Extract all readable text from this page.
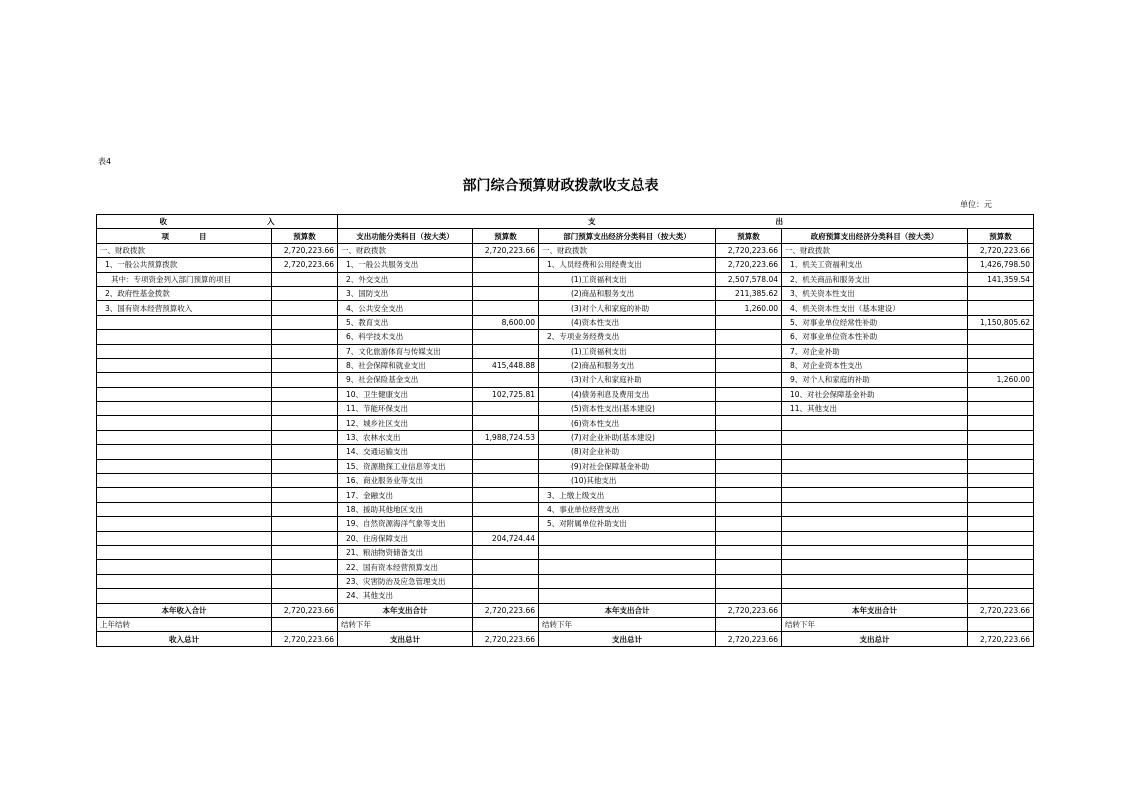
表4
部门综合预算财政拨款收支总表
单位：元
收 入		支 出					
项 目	预算数	支出功能分类科目（按大类）	预算数	部门预算支出经济分类科目（按大类）	预算数	政府预算支出经济分类科目（按大类）	预算数
一、财政拨款	2,720,223.66	一、财政拨款	2,720,223.66	一、财政拨款	2,720,223.66	一、财政拨款	2,720,223.66
1、一般公共预算拨款	2,720,223.66	1、一般公共服务支出		1、人员经费和公用经费支出	2,720,223.66	1、机关工资福利支出	1,426,798.50
其中：专项资金列入部门预算的项目		2、外交支出		(1)工资福利支出	2,507,578.04	2、机关商品和服务支出	141,359.54
2、政府性基金拨款		3、国防支出		(2)商品和服务支出	211,385.62	3、机关资本性支出	
3、国有资本经营预算收入		4、公共安全支出		(3)对个人和家庭的补助	1,260.00	4、机关资本性支出（基本建设）	
		5、教育支出	8,600.00	(4)资本性支出		5、对事业单位经常性补助	1,150,805.62
		6、科学技术支出		2、专项业务经费支出		6、对事业单位资本性补助	
		7、文化旅游体育与传媒支出		(1)工资福利支出		7、对企业补助	
		8、社会保障和就业支出	415,448.88	(2)商品和服务支出		8、对企业资本性支出	
		9、社会保险基金支出		(3)对个人和家庭补助		9、对个人和家庭的补助	1,260.00
		10、卫生健康支出	102,725.81	(4)债务利息及费用支出		10、对社会保障基金补助	
		11、节能环保支出		(5)资本性支出(基本建设)		11、其他支出	
		12、城乡社区支出		(6)资本性支出			
		13、农林水支出	1,988,724.53	(7)对企业补助(基本建设)			
		14、交通运输支出		(8)对企业补助			
		15、资源勘探工业信息等支出		(9)对社会保障基金补助			
		16、商业服务业等支出		(10)其他支出			
		17、金融支出		3、上缴上级支出			
		18、援助其他地区支出		4、事业单位经营支出			
		19、自然资源海洋气象等支出		5、对附属单位补助支出			
		20、住房保障支出	204,724.44				
		21、粮油物资储备支出					
		22、国有资本经营预算支出					
		23、灾害防治及应急管理支出					
		24、其他支出					
本年收入合计	2,720,223.66	本年支出合计	2,720,223.66	本年支出合计	2,720,223.66	本年支出合计	2,720,223.66
上年结转		结转下年		结转下年		结转下年	
收入总计	2,720,223.66	支出总计	2,720,223.66	支出总计	2,720,223.66	支出总计	2,720,223.66
